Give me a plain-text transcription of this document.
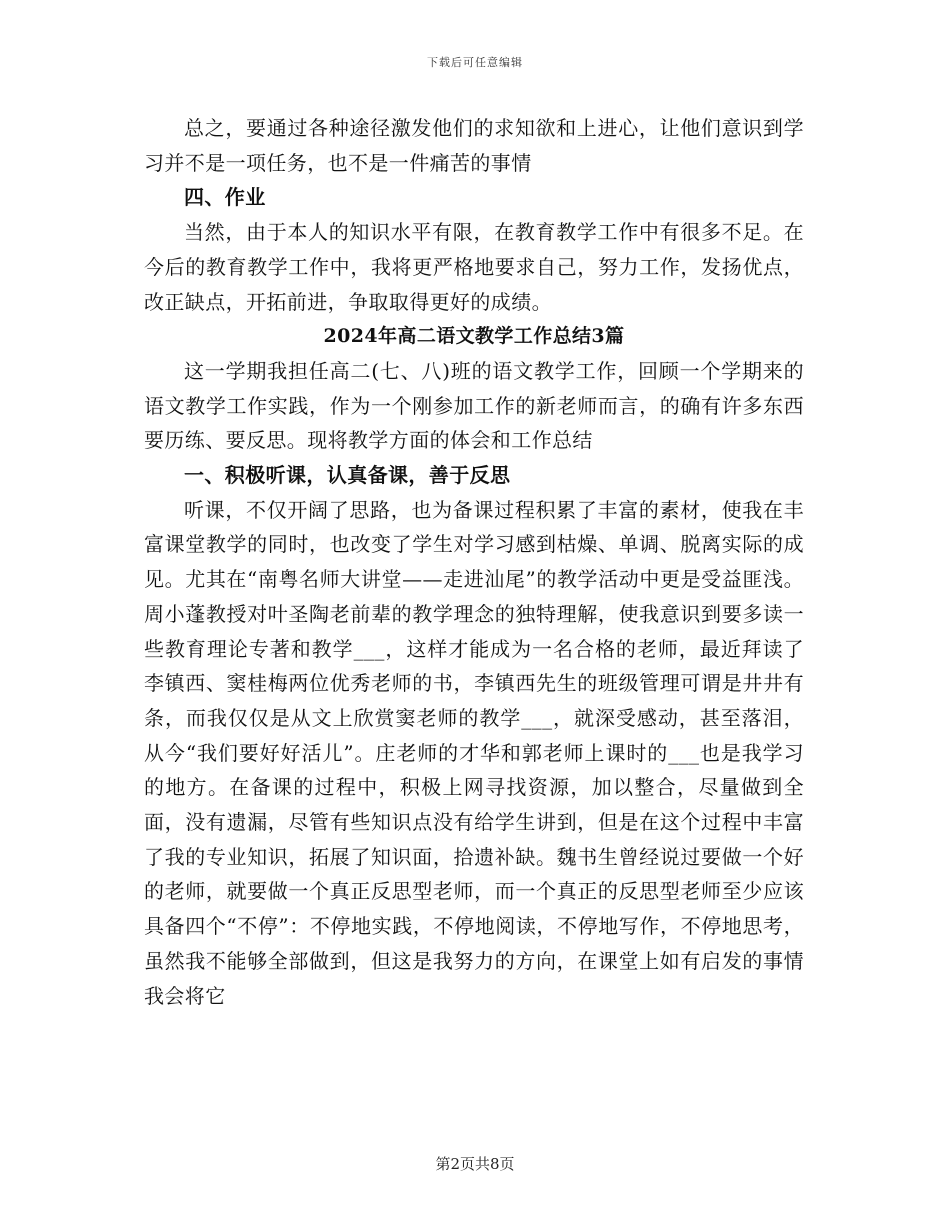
下载后可任意编辑

总之，要通过各种途径激发他们的求知欲和上进心，让他们意识到学习并不是一项任务，也不是一件痛苦的事情

四、作业

当然，由于本人的知识水平有限，在教育教学工作中有很多不足。在今后的教育教学工作中，我将更严格地要求自己，努力工作，发扬优点，改正缺点，开拓前进，争取取得更好的成绩。

2024年高二语文教学工作总结3篇

这一学期我担任高二(七、八)班的语文教学工作，回顾一个学期来的语文教学工作实践，作为一个刚参加工作的新老师而言，的确有许多东西要历练、要反思。现将教学方面的体会和工作总结

一、积极听课，认真备课，善于反思

听课，不仅开阔了思路，也为备课过程积累了丰富的素材，使我在丰富课堂教学的同时，也改变了学生对学习感到枯燥、单调、脱离实际的成见。尤其在“南粤名师大讲堂——走进汕尾”的教学活动中更是受益匪浅。周小蓬教授对叶圣陶老前辈的教学理念的独特理解，使我意识到要多读一些教育理论专著和教学___，这样才能成为一名合格的老师，最近拜读了李镇西、窦桂梅两位优秀老师的书，李镇西先生的班级管理可谓是井井有条，而我仅仅是从文上欣赏窦老师的教学___，就深受感动，甚至落泪，从今“我们要好好活儿”。庄老师的才华和郭老师上课时的___也是我学习的地方。在备课的过程中，积极上网寻找资源，加以整合，尽量做到全面，没有遗漏，尽管有些知识点没有给学生讲到，但是在这个过程中丰富了我的专业知识，拓展了知识面，拾遗补缺。魏书生曾经说过要做一个好的老师，就要做一个真正反思型老师，而一个真正的反思型老师至少应该具备四个“不停”：不停地实践，不停地阅读，不停地写作，不停地思考，虽然我不能够全部做到，但这是我努力的方向，在课堂上如有启发的事情我会将它

第2页共8页
